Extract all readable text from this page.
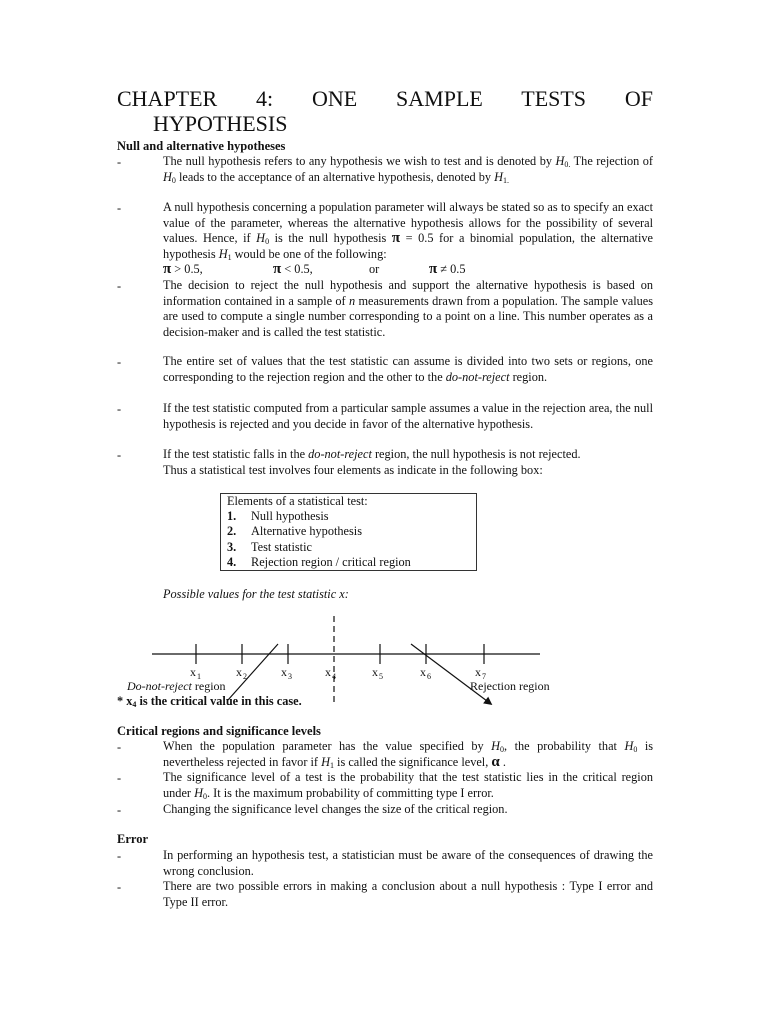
CHAPTER 4: ONE SAMPLE TESTS OF
HYPOTHESIS
Null and alternative hypotheses
-	The null hypothesis refers to any hypothesis we wish to test and is denoted by $H_{0.}$ The rejection of $H_0$ leads to the acceptance of an alternative hypothesis, denoted by $H_{1.}$
-	A null hypothesis concerning a population parameter will always be stated so as to specify an exact value of the parameter, whereas the alternative hypothesis allows for the possibility of several values. Hence, if $H_0$ is the null hypothesis π = 0.5 for a binomial population, the alternative hypothesis $H_1$ would be one of the following:
π > 0.5,	π < 0.5,	or	π ≠ 0.5
-	The decision to reject the null hypothesis and support the alternative hypothesis is based on information contained in a sample of n measurements drawn from a population. The sample values are used to compute a single number corresponding to a point on a line. This number operates as a decision-maker and is called the test statistic.
-	The entire set of values that the test statistic can assume is divided into two sets or regions, one corresponding to the rejection region and the other to the do-not-reject region.
-	If the test statistic computed from a particular sample assumes a value in the rejection area, the null hypothesis is rejected and you decide in favor of the alternative hypothesis.
-	If the test statistic falls in the do-not-reject region, the null hypothesis is not rejected.
Thus a statistical test involves four elements as indicate in the following box:
Elements of a statistical test:
1. Null hypothesis
2. Alternative hypothesis
3. Test statistic
4. Rejection region / critical region
Possible values for the test statistic x:
x 1	x 2	x 3	x 4	x 5	x 6	x 7
Do-not-reject region	Rejection region
* $x_4$ is the critical value in this case.
Critical regions and significance levels
-	When the population parameter has the value specified by $H_0$, the probability that $H_0$ is nevertheless rejected in favor if $H_1$ is called the significance level, α .
-	The significance level of a test is the probability that the test statistic lies in the critical region under $H_0$. It is the maximum probability of committing type I error.
-	Changing the significance level changes the size of the critical region.
Error
-	In performing an hypothesis test, a statistician must be aware of the consequences of drawing the wrong conclusion.
-	There are two possible errors in making a conclusion about a null hypothesis : Type I error and Type II error.
